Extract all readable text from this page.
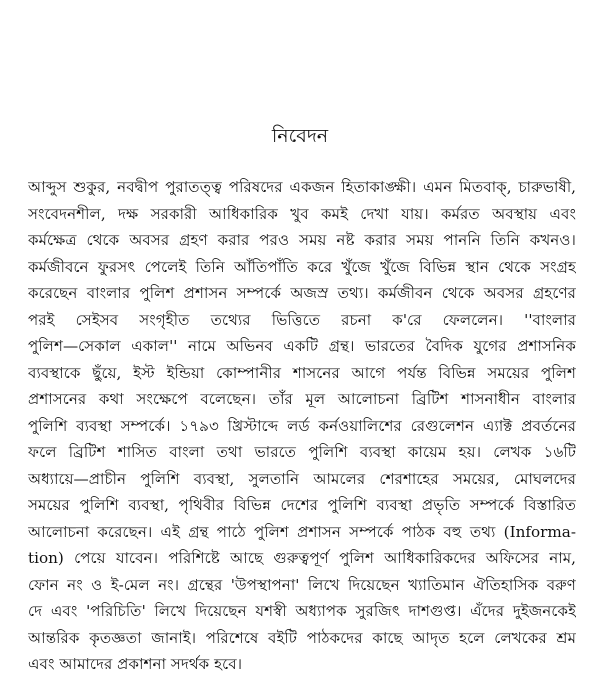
নিবেদন
আব্দুস শুকুর, নবদ্বীপ পুরাতত্ত্ব পরিষদের একজন হিতাকাঙ্ক্ষী। এমন মিতবাক্‌, চারুভাষী,
সংবেদনশীল, দক্ষ সরকারী আধিকারিক খুব কমই দেখা যায়। কর্মরত অবস্থায় এবং
কর্মক্ষেত্র থেকে অবসর গ্রহণ করার পরও সময় নষ্ট করার সময় পাননি তিনি কখনও।
কর্মজীবনে ফুরসৎ পেলেই তিনি আঁতিপাঁতি করে খুঁজে খুঁজে বিভিন্ন স্থান থেকে সংগ্রহ
করেছেন বাংলার পুলিশ প্রশাসন সম্পর্কে অজস্র তথ্য। কর্মজীবন থেকে অবসর গ্রহণের
পরই সেইসব সংগৃহীত তথ্যের ভিত্তিতে রচনা ক'রে ফেললেন। ''বাংলার
পুলিশ—সেকাল একাল'' নামে অভিনব একটি গ্রন্থ। ভারতের বৈদিক যুগের প্রশাসনিক
ব্যবস্থাকে ছুঁয়ে, ইস্ট ইন্ডিয়া কোম্পানীর শাসনের আগে পর্যন্ত বিভিন্ন সময়ের পুলিশ
প্রশাসনের কথা সংক্ষেপে বলেছেন। তাঁর মূল আলোচনা ব্রিটিশ শাসনাধীন বাংলার
পুলিশি ব্যবস্থা সম্পর্কে। ১৭৯৩ খ্রিস্টাব্দে লর্ড কর্নওয়ালিশের রেগুলেশন এ্যাক্ট প্রবর্তনের
ফলে ব্রিটিশ শাসিত বাংলা তথা ভারতে পুলিশি ব্যবস্থা কায়েম হয়। লেখক ১৬টি
অধ্যায়ে—প্রাচীন পুলিশি ব্যবস্থা, সুলতানি আমলের শেরশাহের সময়ের, মোঘলদের
সময়ের পুলিশি ব্যবস্থা, পৃথিবীর বিভিন্ন দেশের পুলিশি ব্যবস্থা প্রভৃতি সম্পর্কে বিস্তারিত
আলোচনা করেছেন। এই গ্রন্থ পাঠে পুলিশ প্রশাসন সম্পর্কে পাঠক বহু তথ্য (Informa-
tion) পেয়ে যাবেন। পরিশিষ্টে আছে গুরুত্বপূর্ণ পুলিশ আধিকারিকদের অফিসের নাম,
ফোন নং ও ই-মেল নং। গ্রন্থের 'উপস্থাপনা' লিখে দিয়েছেন খ্যাতিমান ঐতিহাসিক বরুণ
দে এবং 'পরিচিতি' লিখে দিয়েছেন যশস্বী অধ্যাপক সুরজিৎ দাশগুপ্ত। এঁদের দুইজনকেই
আন্তরিক কৃতজ্ঞতা জানাই। পরিশেষে বইটি পাঠকদের কাছে আদৃত হলে লেখকের শ্রম
এবং আমাদের প্রকাশনা সদর্থক হবে।
